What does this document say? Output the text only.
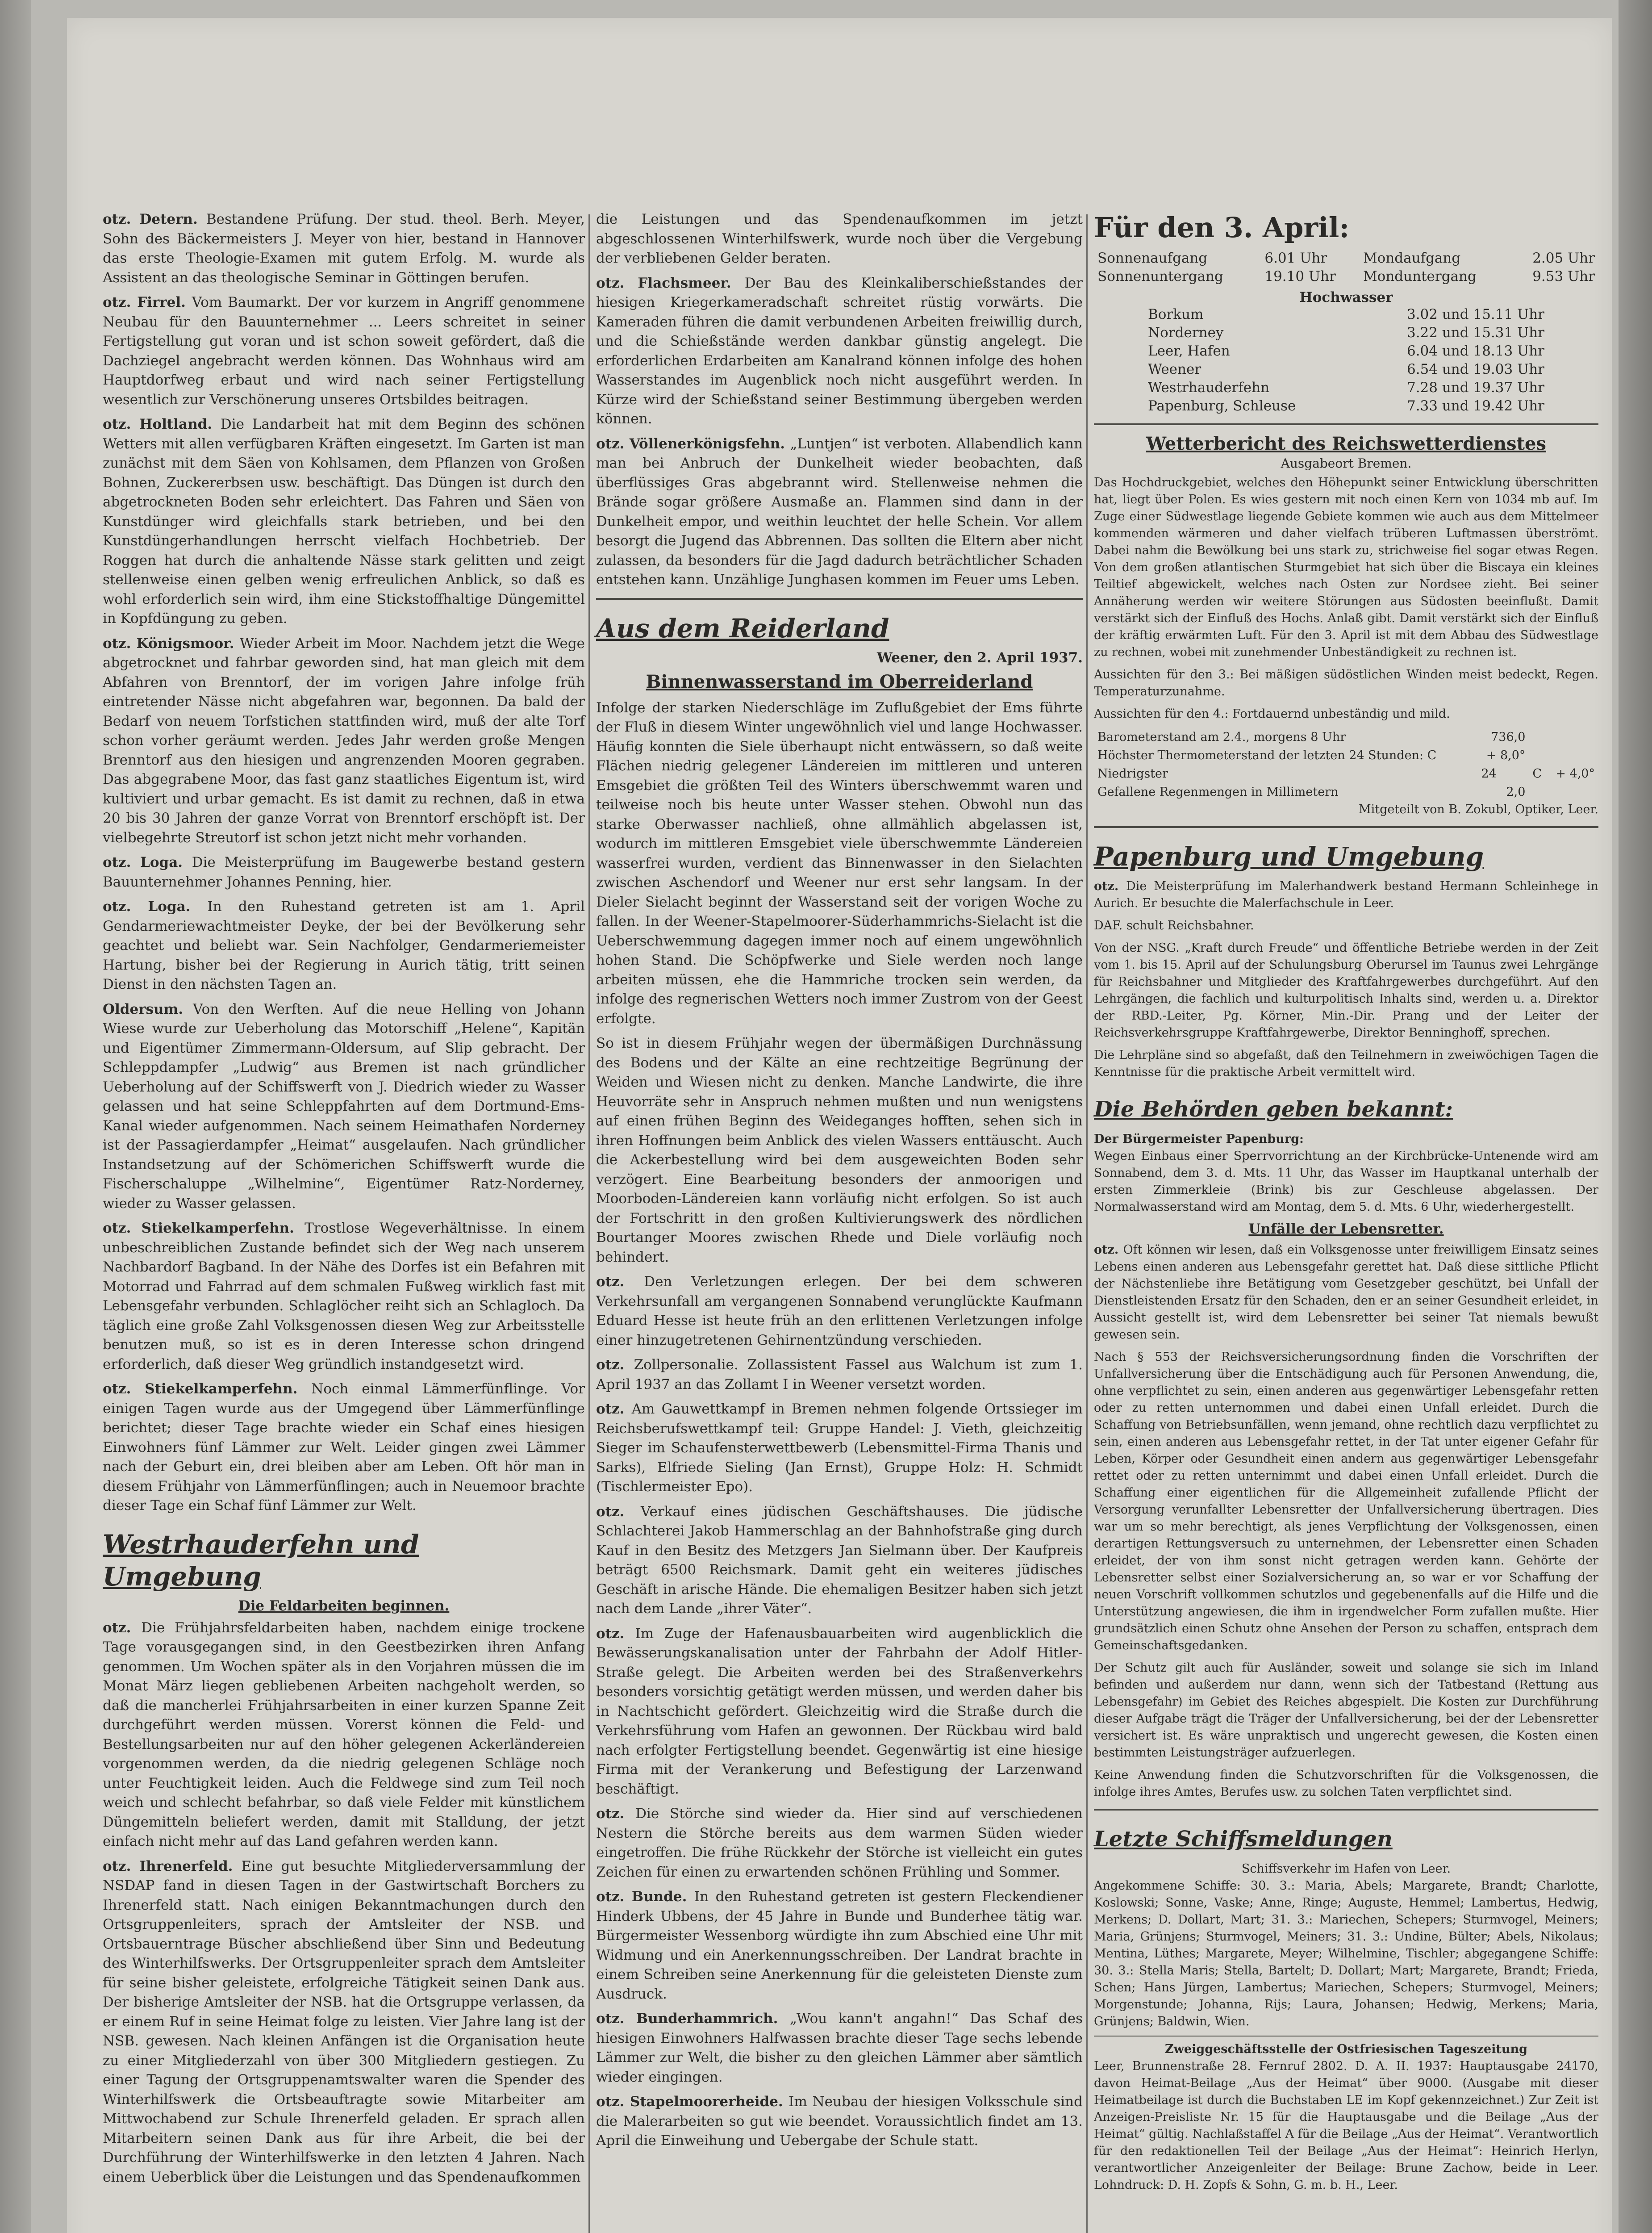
otz. Detern. Bestandene Prüfung. Der stud. theol. Berh. Meyer, Sohn des Bäckermeisters J. Meyer von hier, bestand in Hannover das erste Theologie-Examen mit gutem Erfolg. M. wurde als Assistent an das theologische Seminar in Göttingen berufen.

otz. Firrel. Vom Baumarkt. Der vor kurzem in Angriff genommene Neubau für den Bauunternehmer ... Leers schreitet in seiner Fertigstellung gut voran und ist schon soweit gefördert, daß die Dachziegel angebracht werden können. Das Wohnhaus wird am Hauptdorfweg erbaut und wird nach seiner Fertigstellung wesentlich zur Verschönerung unseres Ortsbildes beitragen.

otz. Holtland. Die Landarbeit hat mit dem Beginn des schönen Wetters mit allen verfügbaren Kräften eingesetzt. Im Garten ist man zunächst mit dem Säen von Kohlsamen, dem Pflanzen von Großen Bohnen, Zuckererbsen usw. beschäftigt. Das Düngen ist durch den abgetrockneten Boden sehr erleichtert. Das Fahren und Säen von Kunstdünger wird gleichfalls stark betrieben, und bei den Kunstdüngerhandlungen herrscht vielfach Hochbetrieb. Der Roggen hat durch die anhaltende Nässe stark gelitten und zeigt stellenweise einen gelben wenig erfreulichen Anblick, so daß es wohl erforderlich sein wird, ihm eine Stickstoffhaltige Düngemittel in Kopfdüngung zu geben.

otz. Königsmoor. Wieder Arbeit im Moor. Nachdem jetzt die Wege abgetrocknet und fahrbar geworden sind, hat man gleich mit dem Abfahren von Brenntorf, der im vorigen Jahre infolge früh eintretender Nässe nicht abgefahren war, begonnen. Da bald der Bedarf von neuem Torfstichen stattfinden wird, muß der alte Torf schon vorher geräumt werden. Jedes Jahr werden große Mengen Brenntorf aus den hiesigen und angrenzenden Mooren gegraben. Das abgegrabene Moor, das fast ganz staatliches Eigentum ist, wird kultiviert und urbar gemacht. Es ist damit zu rechnen, daß in etwa 20 bis 30 Jahren der ganze Vorrat von Brenntorf erschöpft ist. Der vielbegehrte Streutorf ist schon jetzt nicht mehr vorhanden.

otz. Loga. Die Meisterprüfung im Baugewerbe bestand gestern Bauunternehmer Johannes Penning, hier.

otz. Loga. In den Ruhestand getreten ist am 1. April Gendarmeriewachtmeister Deyke, der bei der Bevölkerung sehr geachtet und beliebt war. Sein Nachfolger, Gendarmeriemeister Hartung, bisher bei der Regierung in Aurich tätig, tritt seinen Dienst in den nächsten Tagen an.

Oldersum. Von den Werften. Auf die neue Helling von Johann Wiese wurde zur Ueberholung das Motorschiff „Helene“, Kapitän und Eigentümer Zimmermann-Oldersum, auf Slip gebracht. Der Schleppdampfer „Ludwig“ aus Bremen ist nach gründlicher Ueberholung auf der Schiffswerft von J. Diedrich wieder zu Wasser gelassen und hat seine Schleppfahrten auf dem Dortmund-Ems-Kanal wieder aufgenommen. Nach seinem Heimathafen Norderney ist der Passagierdampfer „Heimat“ ausgelaufen. Nach gründlicher Instandsetzung auf der Schömerichen Schiffswerft wurde die Fischerschaluppe „Wilhelmine“, Eigentümer Ratz-Norderney, wieder zu Wasser gelassen.

otz. Stiekelkamperfehn. Trostlose Wegeverhältnisse. In einem unbeschreiblichen Zustande befindet sich der Weg nach unserem Nachbardorf Bagband. In der Nähe des Dorfes ist ein Befahren mit Motorrad und Fahrrad auf dem schmalen Fußweg wirklich fast mit Lebensgefahr verbunden. Schlaglöcher reiht sich an Schlagloch. Da täglich eine große Zahl Volksgenossen diesen Weg zur Arbeitsstelle benutzen muß, so ist es in deren Interesse schon dringend erforderlich, daß dieser Weg gründlich instandgesetzt wird.

otz. Stiekelkamperfehn. Noch einmal Lämmerfünflinge. Vor einigen Tagen wurde aus der Umgegend über Lämmerfünflinge berichtet; dieser Tage brachte wieder ein Schaf eines hiesigen Einwohners fünf Lämmer zur Welt. Leider gingen zwei Lämmer nach der Geburt ein, drei bleiben aber am Leben. Oft hör man in diesem Frühjahr von Lämmerfünflingen; auch in Neuemoor brachte dieser Tage ein Schaf fünf Lämmer zur Welt.

Westrhauderfehn und Umgebung
Die Feldarbeiten beginnen.

otz. Die Frühjahrsfeldarbeiten haben, nachdem einige trockene Tage vorausgegangen sind, in den Geestbezirken ihren Anfang genommen. Um Wochen später als in den Vorjahren müssen die im Monat März liegen gebliebenen Arbeiten nachgeholt werden, so daß die mancherlei Frühjahrsarbeiten in einer kurzen Spanne Zeit durchgeführt werden müssen. Vorerst können die Feld- und Bestellungsarbeiten nur auf den höher gelegenen Ackerländereien vorgenommen werden, da die niedrig gelegenen Schläge noch unter Feuchtigkeit leiden. Auch die Feldwege sind zum Teil noch weich und schlecht befahrbar, so daß viele Felder mit künstlichem Düngemitteln beliefert werden, damit mit Stalldung, der jetzt einfach nicht mehr auf das Land gefahren werden kann.

otz. Ihrenerfeld. Eine gut besuchte Mitgliederversammlung der NSDAP fand in diesen Tagen in der Gastwirtschaft Borchers zu Ihrenerfeld statt. Nach einigen Bekanntmachungen durch den Ortsgruppenleiters, sprach der Amtsleiter der NSB. und Ortsbauerntrage Büscher abschließend über Sinn und Bedeutung des Winterhilfswerks. Der Ortsgruppenleiter sprach dem Amtsleiter für seine bisher geleistete, erfolgreiche Tätigkeit seinen Dank aus. Der bisherige Amtsleiter der NSB. hat die Ortsgruppe verlassen, da er einem Ruf in seine Heimat folge zu leisten. Vier Jahre lang ist der NSB. gewesen. Nach kleinen Anfängen ist die Organisation heute zu einer Mitgliederzahl von über 300 Mitgliedern gestiegen. Zu einer Tagung der Ortsgruppenamtswalter waren die Spender des Winterhilfswerk die Ortsbeauftragte sowie Mitarbeiter am Mittwochabend zur Schule Ihrenerfeld geladen. Er sprach allen Mitarbeitern seinen Dank aus für ihre Arbeit, die bei der Durchführung der Winterhilfswerke in den letzten 4 Jahren. Nach einem Ueberblick über die Leistungen und das Spendenaufkommen

die Leistungen und das Spendenaufkommen im jetzt abgeschlossenen Winterhilfswerk, wurde noch über die Vergebung der verbliebenen Gelder beraten.

otz. Flachsmeer. Der Bau des Kleinkaliberschießstandes der hiesigen Kriegerkameradschaft schreitet rüstig vorwärts. Die Kameraden führen die damit verbundenen Arbeiten freiwillig durch, und die Schießstände werden dankbar günstig angelegt. Die erforderlichen Erdarbeiten am Kanalrand können infolge des hohen Wasserstandes im Augenblick noch nicht ausgeführt werden. In Kürze wird der Schießstand seiner Bestimmung übergeben werden können.

otz. Völlenerkönigsfehn. „Luntjen“ ist verboten. Allabendlich kann man bei Anbruch der Dunkelheit wieder beobachten, daß überflüssiges Gras abgebrannt wird. Stellenweise nehmen die Brände sogar größere Ausmaße an. Flammen sind dann in der Dunkelheit empor, und weithin leuchtet der helle Schein. Vor allem besorgt die Jugend das Abbrennen. Das sollten die Eltern aber nicht zulassen, da besonders für die Jagd dadurch beträchtlicher Schaden entstehen kann. Unzählige Junghasen kommen im Feuer ums Leben.

Aus dem Reiderland
Weener, den 2. April 1937.
Binnenwasserstand im Oberreiderland

Infolge der starken Niederschläge im Zuflußgebiet der Ems führte der Fluß in diesem Winter ungewöhnlich viel und lange Hochwasser. Häufig konnten die Siele überhaupt nicht entwässern, so daß weite Flächen niedrig gelegener Ländereien im mittleren und unteren Emsgebiet die größten Teil des Winters überschwemmt waren und teilweise noch bis heute unter Wasser stehen. Obwohl nun das starke Oberwasser nachließ, ohne allmählich abgelassen ist, wodurch im mittleren Emsgebiet viele überschwemmte Ländereien wasserfrei wurden, verdient das Binnenwasser in den Sielachten zwischen Aschendorf und Weener nur erst sehr langsam. In der Dieler Sielacht beginnt der Wasserstand seit der vorigen Woche zu fallen. In der Weener-Stapelmoorer-Süderhammrichs-Sielacht ist die Ueberschwemmung dagegen immer noch auf einem ungewöhnlich hohen Stand. Die Schöpfwerke und Siele werden noch lange arbeiten müssen, ehe die Hammriche trocken sein werden, da infolge des regnerischen Wetters noch immer Zustrom von der Geest erfolgte.

So ist in diesem Frühjahr wegen der übermäßigen Durchnässung des Bodens und der Kälte an eine rechtzeitige Begrünung der Weiden und Wiesen nicht zu denken. Manche Landwirte, die ihre Heuvorräte sehr in Anspruch nehmen mußten und nun wenigstens auf einen frühen Beginn des Weideganges hofften, sehen sich in ihren Hoffnungen beim Anblick des vielen Wassers enttäuscht. Auch die Ackerbestellung wird bei dem ausgeweichten Boden sehr verzögert. Eine Bearbeitung besonders der anmoorigen und Moorboden-Ländereien kann vorläufig nicht erfolgen. So ist auch der Fortschritt in den großen Kultivierungswerk des nördlichen Bourtanger Moores zwischen Rhede und Diele vorläufig noch behindert.

otz. Den Verletzungen erlegen. Der bei dem schweren Verkehrsunfall am vergangenen Sonnabend verunglückte Kaufmann Eduard Hesse ist heute früh an den erlittenen Verletzungen infolge einer hinzugetretenen Gehirnentzündung verschieden.

otz. Zollpersonalie. Zollassistent Fassel aus Walchum ist zum 1. April 1937 an das Zollamt I in Weener versetzt worden.

otz. Am Gauwettkampf in Bremen nehmen folgende Ortssieger im Reichsberufswettkampf teil: Gruppe Handel: J. Vieth, gleichzeitig Sieger im Schaufensterwettbewerb (Lebensmittel-Firma Thanis und Sarks), Elfriede Sieling (Jan Ernst), Gruppe Holz: H. Schmidt (Tischlermeister Epo).

otz. Verkauf eines jüdischen Geschäftshauses. Die jüdische Schlachterei Jakob Hammerschlag an der Bahnhofstraße ging durch Kauf in den Besitz des Metzgers Jan Sielmann über. Der Kaufpreis beträgt 6500 Reichsmark. Damit geht ein weiteres jüdisches Geschäft in arische Hände. Die ehemaligen Besitzer haben sich jetzt nach dem Lande „ihrer Väter“.

otz. Im Zuge der Hafenausbauarbeiten wird augenblicklich die Bewässerungskanalisation unter der Fahrbahn der Adolf Hitler-Straße gelegt. Die Arbeiten werden bei des Straßenverkehrs besonders vorsichtig getätigt werden müssen, und werden daher bis in Nachtschicht gefördert. Gleichzeitig wird die Straße durch die Verkehrsführung vom Hafen an gewonnen. Der Rückbau wird bald nach erfolgter Fertigstellung beendet. Gegenwärtig ist eine hiesige Firma mit der Verankerung und Befestigung der Larzenwand beschäftigt.

otz. Die Störche sind wieder da. Hier sind auf verschiedenen Nestern die Störche bereits aus dem warmen Süden wieder eingetroffen. Die frühe Rückkehr der Störche ist vielleicht ein gutes Zeichen für einen zu erwartenden schönen Frühling und Sommer.

otz. Bunde. In den Ruhestand getreten ist gestern Fleckendiener Hinderk Ubbens, der 45 Jahre in Bunde und Bunderhee tätig war. Bürgermeister Wessenborg würdigte ihn zum Abschied eine Uhr mit Widmung und ein Anerkennungsschreiben. Der Landrat brachte in einem Schreiben seine Anerkennung für die geleisteten Dienste zum Ausdruck.

otz. Bunderhammrich. „Wou kann't angahn!“ Das Schaf des hiesigen Einwohners Halfwassen brachte dieser Tage sechs lebende Lämmer zur Welt, die bisher zu den gleichen Lämmer aber sämtlich wieder eingingen.

otz. Stapelmoorerheide. Im Neubau der hiesigen Volksschule sind die Malerarbeiten so gut wie beendet. Voraussichtlich findet am 13. April die Einweihung und Uebergabe der Schule statt.

Für den 3. April:
Sonnenaufgang	6.01 Uhr	Mondaufgang	2.05 Uhr
Sonnenuntergang	19.10 Uhr	Monduntergang	9.53 Uhr
Hochwasser
Borkum	3.02 und 15.11 Uhr
Norderney	3.22 und 15.31 Uhr
Leer, Hafen	6.04 und 18.13 Uhr
Weener	6.54 und 19.03 Uhr
Westrhauderfehn	7.28 und 19.37 Uhr
Papenburg, Schleuse	7.33 und 19.42 Uhr
Wetterbericht des Reichswetterdienstes
Ausgabeort Bremen.

Das Hochdruckgebiet, welches den Höhepunkt seiner Entwicklung überschritten hat, liegt über Polen. Es wies gestern mit noch einen Kern von 1034 mb auf. Im Zuge einer Südwestlage liegende Gebiete kommen wie auch aus dem Mittelmeer kommenden wärmeren und daher vielfach trüberen Luftmassen überströmt. Dabei nahm die Bewölkung bei uns stark zu, strichweise fiel sogar etwas Regen. Von dem großen atlantischen Sturmgebiet hat sich über die Biscaya ein kleines Teiltief abgewickelt, welches nach Osten zur Nordsee zieht. Bei seiner Annäherung werden wir weitere Störungen aus Südosten beeinflußt. Damit verstärkt sich der Einfluß des Hochs. Anlaß gibt. Damit verstärkt sich der Einfluß der kräftig erwärmten Luft. Für den 3. April ist mit dem Abbau des Südwestlage zu rechnen, wobei mit zunehmender Unbeständigkeit zu rechnen ist.

Aussichten für den 3.: Bei mäßigen südöstlichen Winden meist bedeckt, Regen. Temperaturzunahme.

Aussichten für den 4.: Fortdauernd unbeständig und mild.

Barometerstand am 2.4., morgens 8 Uhr	736,0		
Höchster Thermometerstand der letzten 24 Stunden: C	+ 8,0°		
Niedrigster	24	C	+ 4,0°
Gefallene Regenmengen in Millimetern	2,0		
Mitgeteilt von B. Zokubl, Optiker, Leer.
Papenburg und Umgebung

otz. Die Meisterprüfung im Malerhandwerk bestand Hermann Schleinhege in Aurich. Er besuchte die Malerfachschule in Leer.

DAF. schult Reichsbahner.

Von der NSG. „Kraft durch Freude“ und öffentliche Betriebe werden in der Zeit vom 1. bis 15. April auf der Schulungsburg Oberursel im Taunus zwei Lehrgänge für Reichsbahner und Mitglieder des Kraftfahrgewerbes durchgeführt. Auf den Lehrgängen, die fachlich und kulturpolitisch Inhalts sind, werden u. a. Direktor der RBD.-Leiter, Pg. Körner, Min.-Dir. Prang und der Leiter der Reichsverkehrsgruppe Kraftfahrgewerbe, Direktor Benninghoff, sprechen.

Die Lehrpläne sind so abgefaßt, daß den Teilnehmern in zweiwöchigen Tagen die Kenntnisse für die praktische Arbeit vermittelt wird.

Die Behörden geben bekannt:
Der Bürgermeister Papenburg:

Wegen Einbaus einer Sperrvorrichtung an der Kirchbrücke-Untenende wird am Sonnabend, dem 3. d. Mts. 11 Uhr, das Wasser im Hauptkanal unterhalb der ersten Zimmerkleie (Brink) bis zur Geschleuse abgelassen. Der Normalwasserstand wird am Montag, dem 5. d. Mts. 6 Uhr, wiederhergestellt.

Unfälle der Lebensretter.

otz. Oft können wir lesen, daß ein Volksgenosse unter freiwilligem Einsatz seines Lebens einen anderen aus Lebensgefahr gerettet hat. Daß diese sittliche Pflicht der Nächstenliebe ihre Betätigung vom Gesetzgeber geschützt, bei Unfall der Dienstleistenden Ersatz für den Schaden, den er an seiner Gesundheit erleidet, in Aussicht gestellt ist, wird dem Lebensretter bei seiner Tat niemals bewußt gewesen sein.

Nach § 553 der Reichsversicherungsordnung finden die Vorschriften der Unfallversicherung über die Entschädigung auch für Personen Anwendung, die, ohne verpflichtet zu sein, einen anderen aus gegenwärtiger Lebensgefahr retten oder zu retten unternommen und dabei einen Unfall erleidet. Durch die Schaffung von Betriebsunfällen, wenn jemand, ohne rechtlich dazu verpflichtet zu sein, einen anderen aus Lebensgefahr rettet, in der Tat unter eigener Gefahr für Leben, Körper oder Gesundheit einen andern aus gegenwärtiger Lebensgefahr rettet oder zu retten unternimmt und dabei einen Unfall erleidet. Durch die Schaffung einer eigentlichen für die Allgemeinheit zufallende Pflicht der Versorgung verunfallter Lebensretter der Unfallversicherung übertragen. Dies war um so mehr berechtigt, als jenes Verpflichtung der Volksgenossen, einen derartigen Rettungsversuch zu unternehmen, der Lebensretter einen Schaden erleidet, der von ihm sonst nicht getragen werden kann. Gehörte der Lebensretter selbst einer Sozialversicherung an, so war er vor Schaffung der neuen Vorschrift vollkommen schutzlos und gegebenenfalls auf die Hilfe und die Unterstützung angewiesen, die ihm in irgendwelcher Form zufallen mußte. Hier grundsätzlich einen Schutz ohne Ansehen der Person zu schaffen, entsprach dem Gemeinschaftsgedanken.

Der Schutz gilt auch für Ausländer, soweit und solange sie sich im Inland befinden und außerdem nur dann, wenn sich der Tatbestand (Rettung aus Lebensgefahr) im Gebiet des Reiches abgespielt. Die Kosten zur Durchführung dieser Aufgabe trägt die Träger der Unfallversicherung, bei der der Lebensretter versichert ist. Es wäre unpraktisch und ungerecht gewesen, die Kosten einen bestimmten Leistungsträger aufzuerlegen.

Keine Anwendung finden die Schutzvorschriften für die Volksgenossen, die infolge ihres Amtes, Berufes usw. zu solchen Taten verpflichtet sind.

Letzte Schiffsmeldungen
Schiffsverkehr im Hafen von Leer.

Angekommene Schiffe: 30. 3.: Maria, Abels; Margarete, Brandt; Charlotte, Koslowski; Sonne, Vaske; Anne, Ringe; Auguste, Hemmel; Lambertus, Hedwig, Merkens; D. Dollart, Mart; 31. 3.: Mariechen, Schepers; Sturmvogel, Meiners; Maria, Grünjens; Sturmvogel, Meiners; 31. 3.: Undine, Bülter; Abels, Nikolaus; Mentina, Lüthes; Margarete, Meyer; Wilhelmine, Tischler; abgegangene Schiffe: 30. 3.: Stella Maris; Stella, Bartelt; D. Dollart; Mart; Margarete, Brandt; Frieda, Schen; Hans Jürgen, Lambertus; Mariechen, Schepers; Sturmvogel, Meiners; Morgenstunde; Johanna, Rijs; Laura, Johansen; Hedwig, Merkens; Maria, Grünjens; Baldwin, Wien.

Zweiggeschäftsstelle der Ostfriesischen Tageszeitung

Leer, Brunnenstraße 28. Fernruf 2802. D. A. II. 1937: Hauptausgabe 24170, davon Heimat-Beilage „Aus der Heimat“ über 9000. (Ausgabe mit dieser Heimatbeilage ist durch die Buchstaben LE im Kopf gekennzeichnet.) Zur Zeit ist Anzeigen-Preisliste Nr. 15 für die Hauptausgabe und die Beilage „Aus der Heimat“ gültig. Nachlaßstaffel A für die Beilage „Aus der Heimat“. Verantwortlich für den redaktionellen Teil der Beilage „Aus der Heimat“: Heinrich Herlyn, verantwortlicher Anzeigenleiter der Beilage: Brune Zachow, beide in Leer. Lohndruck: D. H. Zopfs & Sohn, G. m. b. H., Leer.
